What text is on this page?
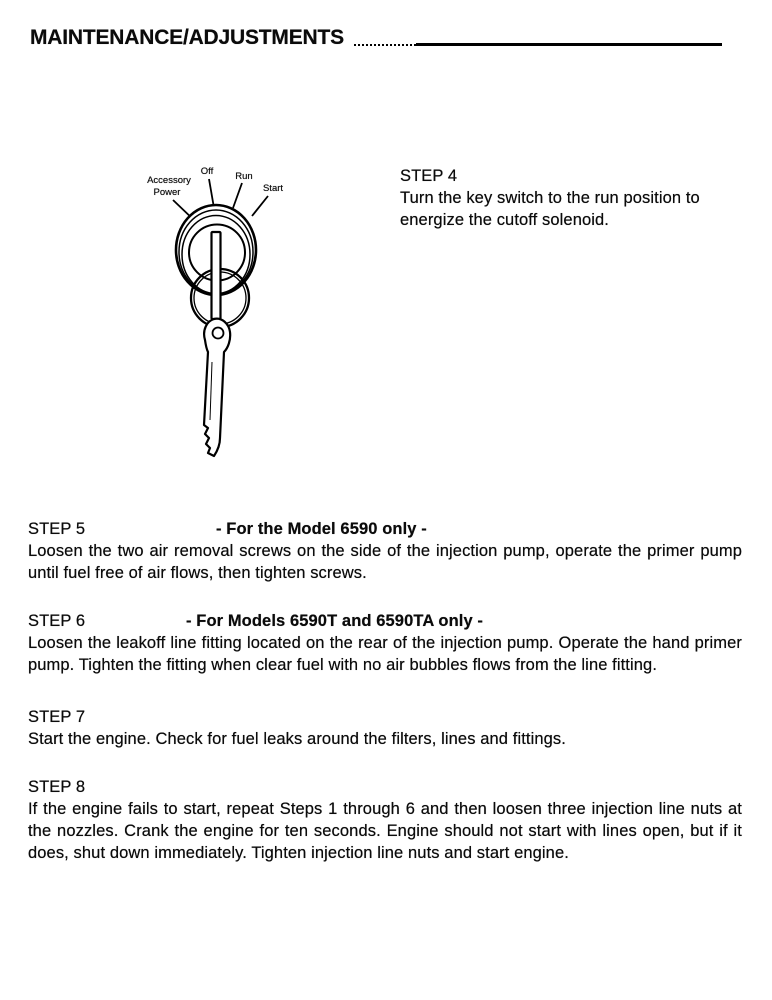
MAINTENANCE/ADJUSTMENTS
Accessory
Power
Off Run
Start
STEP 4

Turn the key switch to the run position to energize the cutoff solenoid.

STEP 5	- For the Model 6590 only -

Loosen the two air removal screws on the side of the injection pump, operate the primer pump until fuel free of air flows, then tighten screws.

STEP 6	- For Models 6590T and 6590TA only -

Loosen the leakoff line fitting located on the rear of the injection pump. Operate the hand primer pump. Tighten the fitting when clear fuel with no air bubbles flows from the line fitting.

STEP 7

Start the engine. Check for fuel leaks around the filters, lines and fittings.

STEP 8

If the engine fails to start, repeat Steps 1 through 6 and then loosen three injection line nuts at the nozzles. Crank the engine for ten seconds. Engine should not start with lines open, but if it does, shut down immediately. Tighten injection line nuts and start engine.
